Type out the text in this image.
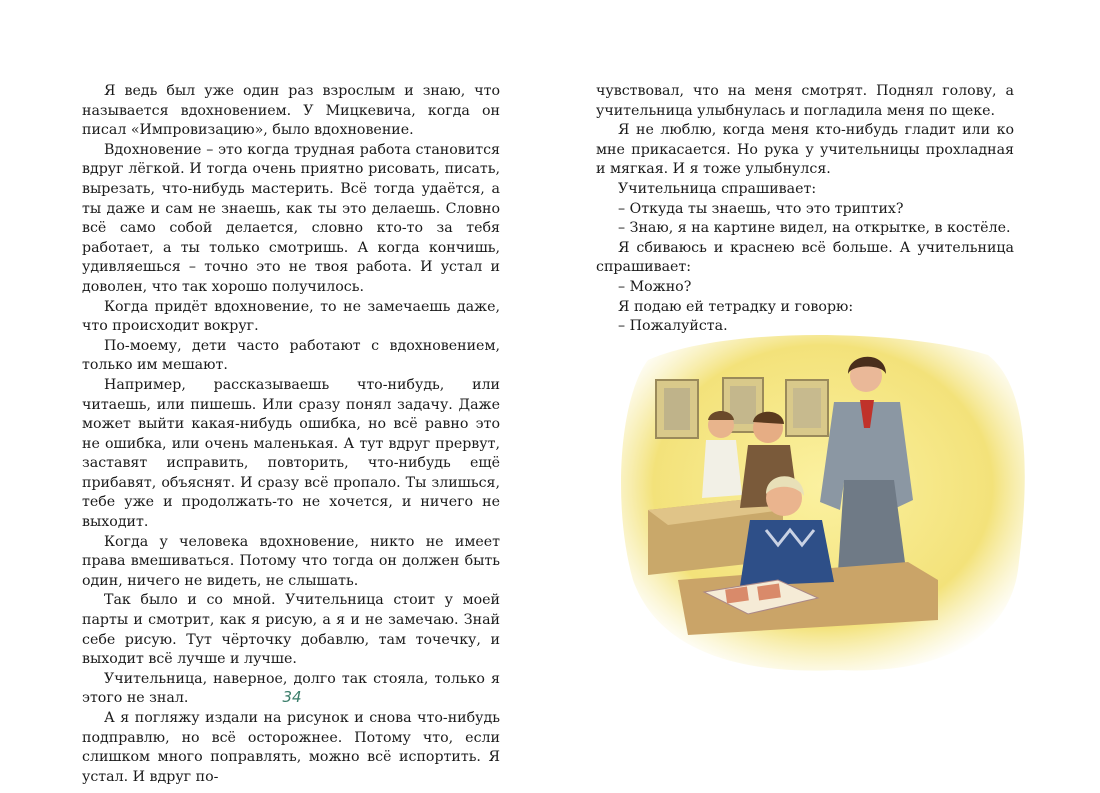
Я ведь был уже один раз взрослым и знаю, что называется вдохновением. У Мицкевича, когда он писал «Импровизацию», было вдохновение.

Вдохновение – это когда трудная работа становится вдруг лёгкой. И тогда очень приятно рисовать, писать, вырезать, что-нибудь мастерить. Всё тогда удаётся, а ты даже и сам не знаешь, как ты это делаешь. Словно всё само собой делается, словно кто-то за тебя работает, а ты только смотришь. А когда кончишь, удивляешься – точно это не твоя работа. И устал и доволен, что так хорошо получилось.

Когда придёт вдохновение, то не замечаешь даже, что происходит вокруг.

По-моему, дети часто работают с вдохновением, только им мешают.

Например, рассказываешь что-нибудь, или читаешь, или пишешь. Или сразу понял задачу. Даже может выйти какая-нибудь ошибка, но всё равно это не ошибка, или очень маленькая. А тут вдруг прервут, заставят исправить, повторить, что-нибудь ещё прибавят, объяснят. И сразу всё пропало. Ты злишься, тебе уже и продолжать-то не хочется, и ничего не выходит.

Когда у человека вдохновение, никто не имеет права вмешиваться. Потому что тогда он должен быть один, ничего не видеть, не слышать.

Так было и со мной. Учительница стоит у моей парты и смотрит, как я рисую, а я и не замечаю. Знай себе рисую. Тут чёрточку добавлю, там точечку, и выходит всё лучше и лучше.

Учительница, наверное, долго так стояла, только я этого не знал.

А я погляжу издали на рисунок и снова что-нибудь подправлю, но всё осторожнее. Потому что, если слишком много поправлять, можно всё испортить. Я устал. И вдруг по-

чувствовал, что на меня смотрят. Поднял голову, а учительница улыбнулась и погладила меня по щеке.

Я не люблю, когда меня кто-нибудь гладит или ко мне прикасается. Но рука у учительницы прохладная и мягкая. И я тоже улыбнулся.

Учительница спрашивает:

– Откуда ты знаешь, что это триптих?

– Знаю, я на картине видел, на открытке, в костёле.

Я сбиваюсь и краснею всё больше. А учительница спрашивает:

– Можно?

Я подаю ей тетрадку и говорю:

– Пожалуйста.

34
